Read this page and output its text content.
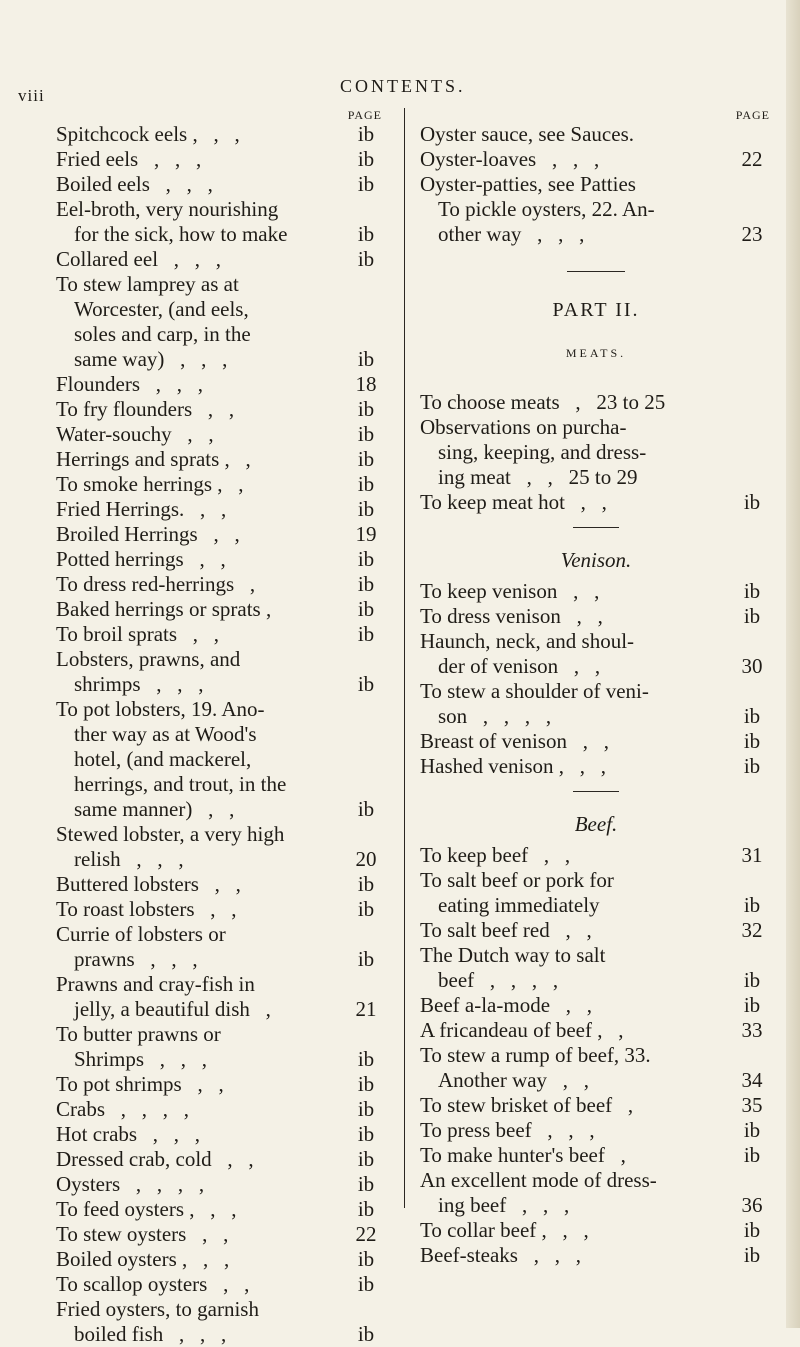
viii	CONTENTS.
PAGE
Spitchcock eels ,   ,   ,	ib
Fried eels   ,   ,   ,	ib
Boiled eels   ,   ,   ,	ib
Eel-broth, very nourishing
for the sick, how to make	ib
Collared eel   ,   ,   ,	ib
To stew lamprey as at
Worcester, (and eels,
soles and carp, in the
same way)   ,   ,   ,	ib
Flounders   ,   ,   ,	18
To fry flounders   ,   ,	ib
Water-souchy   ,   ,	ib
Herrings and sprats ,   ,	ib
To smoke herrings ,   ,	ib
Fried Herrings.   ,   ,	ib
Broiled Herrings   ,   ,	19
Potted herrings   ,   ,	ib
To dress red-herrings   ,	ib
Baked herrings or sprats ,	ib
To broil sprats   ,   ,	ib
Lobsters, prawns, and
shrimps   ,   ,   ,	ib
To pot lobsters, 19. Ano-
ther way as at Wood's
hotel, (and mackerel,
herrings, and trout, in the
same manner)   ,   ,	ib
Stewed lobster, a very high
relish   ,   ,   ,	20
Buttered lobsters   ,   ,	ib
To roast lobsters   ,   ,	ib
Currie of lobsters or
prawns   ,   ,   ,	ib
Prawns and cray-fish in
jelly, a beautiful dish   ,	21
To butter prawns or
Shrimps   ,   ,   ,	ib
To pot shrimps   ,   ,	ib
Crabs   ,   ,   ,   ,	ib
Hot crabs   ,   ,   ,	ib
Dressed crab, cold   ,   ,	ib
Oysters   ,   ,   ,   ,	ib
To feed oysters ,   ,   ,	ib
To stew oysters   ,   ,	22
Boiled oysters ,   ,   ,	ib
To scallop oysters   ,   ,	ib
Fried oysters, to garnish
boiled fish   ,   ,   ,	ib
PAGE
Oyster sauce, see Sauces.
Oyster-loaves   ,   ,   ,	22
Oyster-patties, see Patties
To pickle oysters, 22. An-
other way   ,   ,   ,	23
PART II.
MEATS.
To choose meats   ,   23 to 25
Observations on purcha-
sing, keeping, and dress-
ing meat   ,   ,   25 to 29
To keep meat hot   ,   ,	ib
Venison.
To keep venison   ,   ,	ib
To dress venison   ,   ,	ib
Haunch, neck, and shoul-
der of venison   ,   ,	30
To stew a shoulder of veni-
son   ,   ,   ,   ,	ib
Breast of venison   ,   ,	ib
Hashed venison ,   ,   ,	ib
Beef.
To keep beef   ,   ,	31
To salt beef or pork for
eating immediately	ib
To salt beef red   ,   ,	32
The Dutch way to salt
beef   ,   ,   ,   ,	ib
Beef a-la-mode   ,   ,	ib
A fricandeau of beef ,   ,	33
To stew a rump of beef, 33.
Another way   ,   ,	34
To stew brisket of beef   ,	35
To press beef   ,   ,   ,	ib
To make hunter's beef   ,	ib
An excellent mode of dress-
ing beef   ,   ,   ,	36
To collar beef ,   ,   ,	ib
Beef-steaks   ,   ,   ,	ib
